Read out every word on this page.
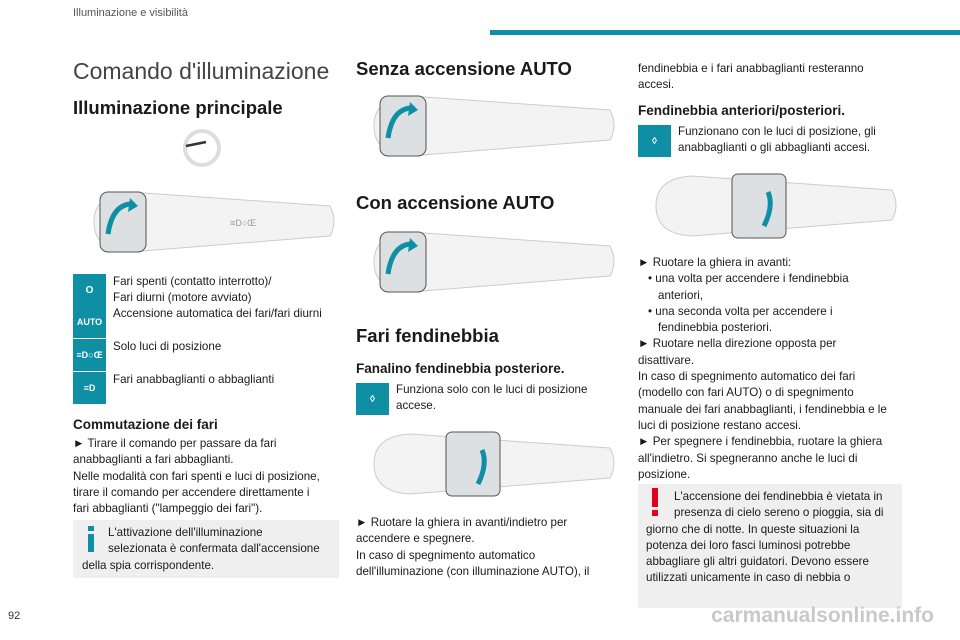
Illuminazione e visibilità
92
Comando d'illuminazione
Illuminazione principale
≡D○Œ
O
Fari spenti (contatto interrotto)/
Fari diurni (motore avviato)
AUTO
Accensione automatica dei fari/fari diurni
≡D○Œ
Solo luci di posizione
≡D
Fari anabbaglianti o abbaglianti
Commutazione dei fari
► Tirare il comando per passare da fari
anabbaglianti a fari abbaglianti.
Nelle modalità con fari spenti e luci di posizione,
tirare il comando per accendere direttamente i
fari abbaglianti ("lampeggio dei fari").
L'attivazione dell'illuminazione
selezionata è confermata dall'accensione
della spia corrispondente.
Senza accensione AUTO
Con accensione AUTO
Fari fendinebbia
Fanalino fendinebbia posteriore.
◊
Funziona solo con le luci di posizione
accese.
► Ruotare la ghiera in avanti/indietro per
accendere e spegnere.
In caso di spegnimento automatico
dell'illuminazione (con illuminazione AUTO), il
fendinebbia e i fari anabbaglianti resteranno
accesi.
Fendinebbia anteriori/posteriori.
◊
Funzionano con le luci di posizione, gli
anabbaglianti o gli abbaglianti accesi.
► Ruotare la ghiera in avanti:
• una volta per accendere i fendinebbia
anteriori,
• una seconda volta per accendere i
fendinebbia posteriori.
► Ruotare nella direzione opposta per
disattivare.
In caso di spegnimento automatico dei fari
(modello con fari AUTO) o di spegnimento
manuale dei fari anabbaglianti, i fendinebbia e le
luci di posizione restano accesi.
► Per spegnere i fendinebbia, ruotare la ghiera
all'indietro. Si spegneranno anche le luci di
posizione.
L'accensione dei fendinebbia è vietata in
presenza di cielo sereno o pioggia, sia di
giorno che di notte. In queste situazioni la
potenza dei loro fasci luminosi potrebbe
abbagliare gli altri guidatori. Devono essere
utilizzati unicamente in caso di nebbia o
carmanualsonline.info
